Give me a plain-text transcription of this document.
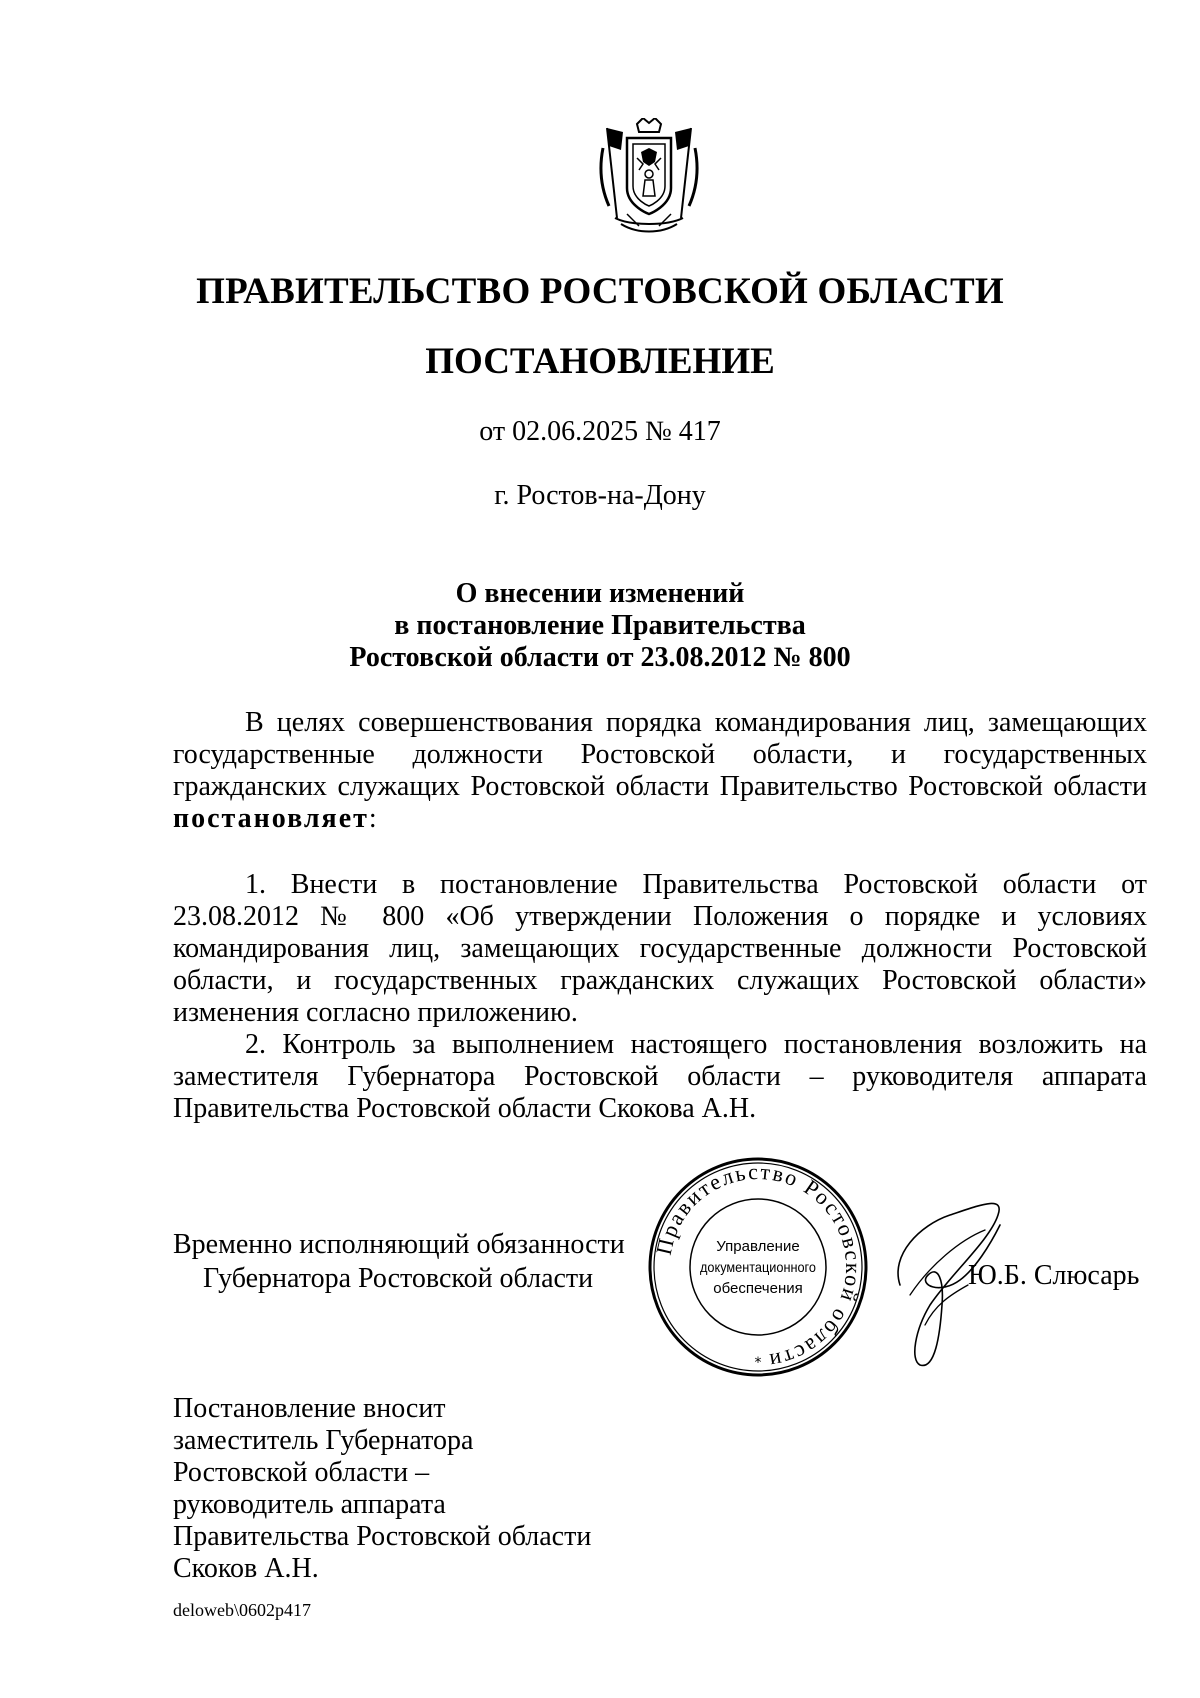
ПРАВИТЕЛЬСТВО РОСТОВСКОЙ ОБЛАСТИ
ПОСТАНОВЛЕНИЕ
от 02.06.2025 № 417
г. Ростов-на-Дону
О внесении изменений
в постановление Правительства
Ростовской области от 23.08.2012 № 800

В целях совершенствования порядка командирования лиц, замещающих государственные должности Ростовской области, и государственных гражданских служащих Ростовской области Правительство Ростовской области постановляет:

1. Внести в постановление Правительства Ростовской области от 23.08.2012 № 800 «Об утверждении Положения о порядке и условиях командирования лиц, замещающих государственные должности Ростовской области, и государственных гражданских служащих Ростовской области» изменения согласно приложению.

2. Контроль за выполнением настоящего постановления возложить на заместителя Губернатора Ростовской области – руководителя аппарата Правительства Ростовской области Скокова А.Н.

Временно исполняющий обязанности
Губернатора Ростовской области
Правительство Ростовской области
Управление
документационного
обеспечения
*
Ю.Б. Слюсарь
Постановление вносит
заместитель Губернатора
Ростовской области –
руководитель аппарата
Правительства Ростовской области
Скоков А.Н.
deloweb\0602p417
